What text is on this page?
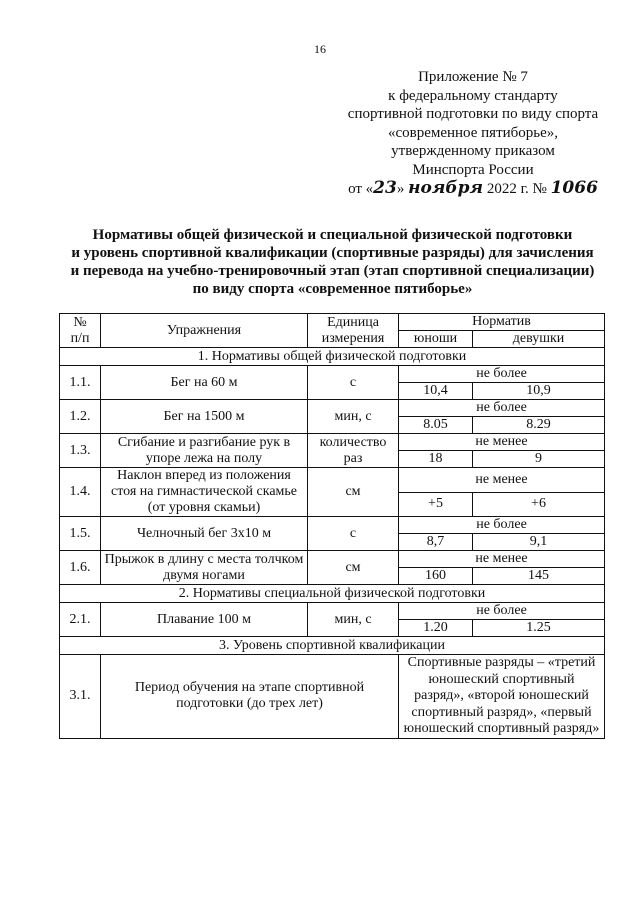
16
Приложение № 7
к федеральному стандарту
спортивной подготовки по виду спорта
«современное пятиборье»,
утвержденному приказом
Минспорта России
от «23» ноября 2022 г. № 1066
Нормативы общей физической и специальной физической подготовки
и уровень спортивной квалификации (спортивные разряды) для зачисления
и перевода на учебно-тренировочный этап (этап спортивной специализации)
по виду спорта «современное пятиборье»
№
п/п	Упражнения	Единица
измерения	Норматив	
			юноши	девушки
1. Нормативы общей физической подготовки				
1.1.	Бег на 60 м	с	не более	
			10,4	10,9
1.2.	Бег на 1500 м	мин, с	не более	
			8.05	8.29
1.3.	Сгибание и разгибание рук в упоре лежа на полу	количество раз	не менее	
			18	9
1.4.	Наклон вперед из положения стоя на гимнастической скамье (от уровня скамьи)	см	не менее	
			+5	+6
1.5.	Челночный бег 3x10 м	с	не более	
			8,7	9,1
1.6.	Прыжок в длину с места толчком двумя ногами	см	не менее	
			160	145
2. Нормативы специальной физической подготовки				
2.1.	Плавание 100 м	мин, с	не более	
			1.20	1.25
3. Уровень спортивной квалификации				
3.1.	Период обучения на этапе спортивной подготовки (до трех лет)		Спортивные разряды – «третий юношеский спортивный разряд», «второй юношеский спортивный разряд», «первый юношеский спортивный разряд»	
